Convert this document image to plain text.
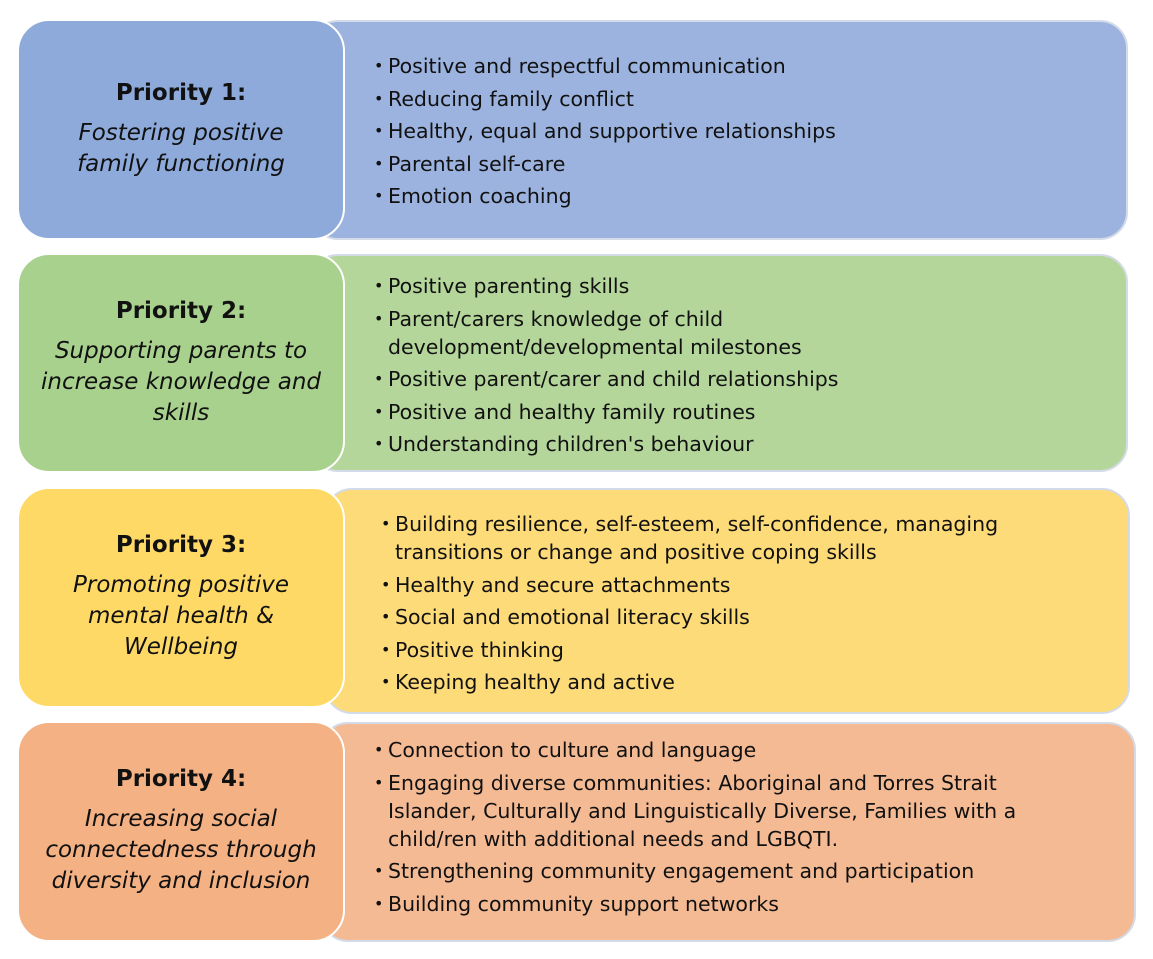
• Positive and respectful communication
• Reducing family conflict
• Healthy, equal and supportive relationships
• Parental self-care
• Emotion coaching

Priority 1:

Fostering positive family functioning

• Positive parenting skills
• Parent/carers knowledge of child development/developmental milestones
• Positive parent/carer and child relationships
• Positive and healthy family routines
• Understanding children's behaviour

Priority 2:

Supporting parents to increase knowledge and skills

• Building resilience, self-esteem, self-confidence, managing transitions or change and positive coping skills
• Healthy and secure attachments
• Social and emotional literacy skills
• Positive thinking
• Keeping healthy and active

Priority 3:

Promoting positive mental health & Wellbeing

• Connection to culture and language
• Engaging diverse communities: Aboriginal and Torres Strait Islander, Culturally and Linguistically Diverse, Families with a child/ren with additional needs and LGBQTI.
• Strengthening community engagement and participation
• Building community support networks

Priority 4:

Increasing social connectedness through diversity and inclusion
